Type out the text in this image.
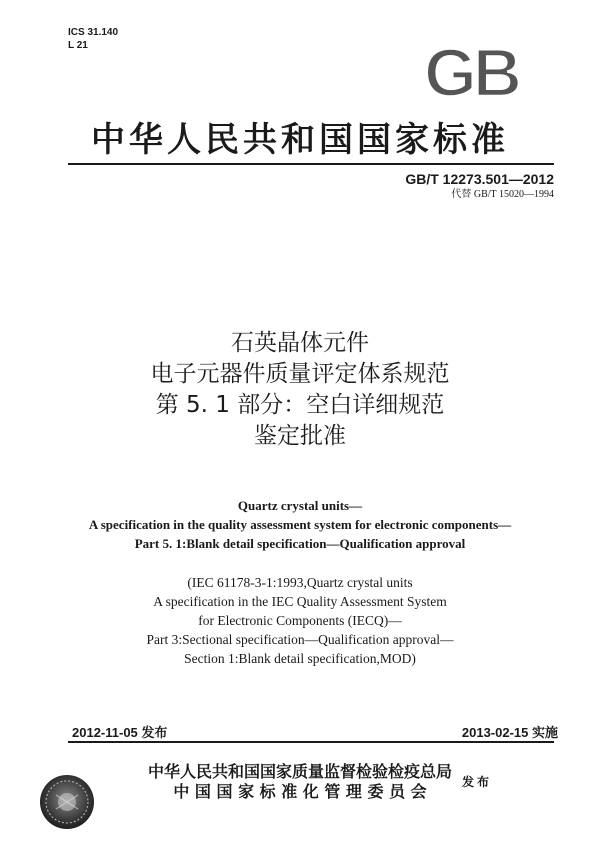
ICS 31.140
L 21	GB
中华人民共和国国家标准
GB/T 12273.501—2012
代替 GB/T 15020—1994
石英晶体元件
电子元器件质量评定体系规范
第 5. 1 部分：空白详细规范
鉴定批准
Quartz crystal units—
A specification in the quality assessment system for electronic components—
Part 5. 1:Blank detail specification—Qualification approval
(IEC 61178-3-1:1993,Quartz crystal units
A specification in the IEC Quality Assessment System
for Electronic Components (IECQ)—
Part 3:Sectional specification—Qualification approval—
Section 1:Blank detail specification,MOD)
2012-11-05 发布	2013-02-15 实施
中华人民共和国国家质量监督检验检疫总局
中 国 国 家 标 准 化 管 理 委 员 会	发布
